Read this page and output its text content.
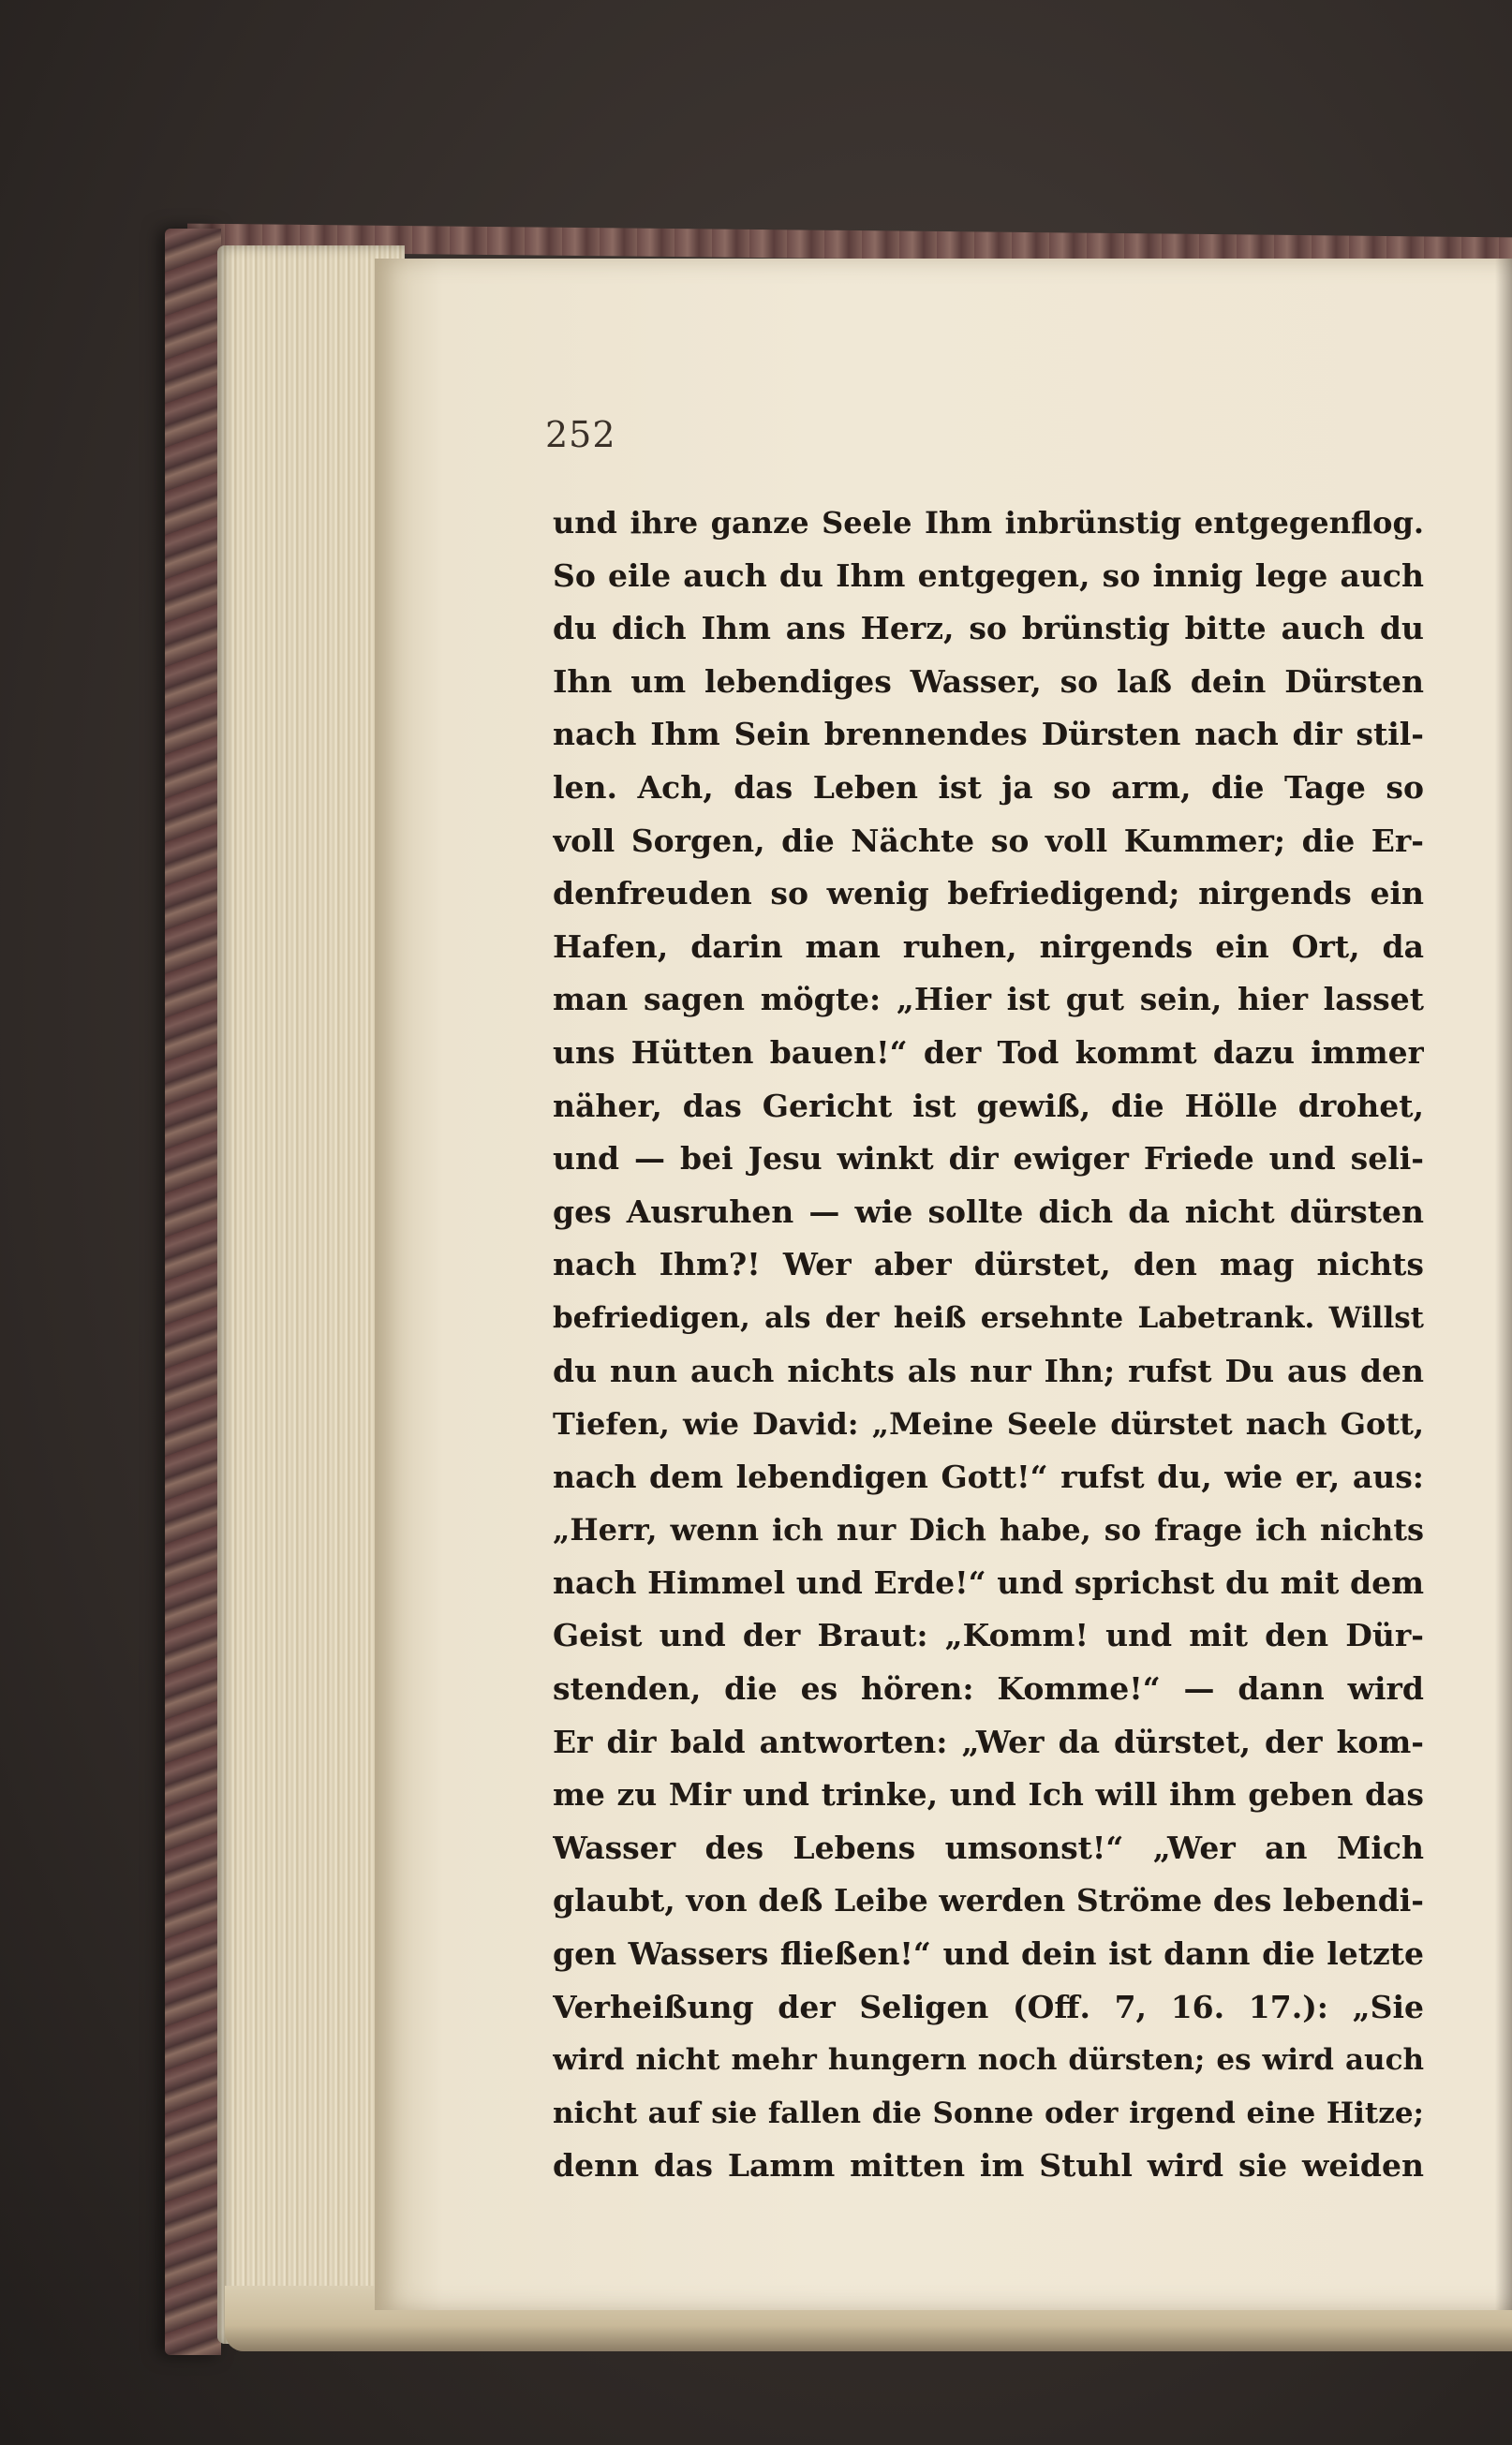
252
und ihre ganze Seele Ihm inbrünstig entgegenflog.
So eile auch du Ihm entgegen, so innig lege auch
du dich Ihm ans Herz, so brünstig bitte auch du
Ihn um lebendiges Wasser, so laß dein Dürsten
nach Ihm Sein brennendes Dürsten nach dir stil-
len. Ach, das Leben ist ja so arm, die Tage so
voll Sorgen, die Nächte so voll Kummer; die Er-
denfreuden so wenig befriedigend; nirgends ein
Hafen, darin man ruhen, nirgends ein Ort, da
man sagen mögte: „Hier ist gut sein, hier lasset
uns Hütten bauen!“ der Tod kommt dazu immer
näher, das Gericht ist gewiß, die Hölle drohet,
und — bei Jesu winkt dir ewiger Friede und seli-
ges Ausruhen — wie sollte dich da nicht dürsten
nach Ihm?! Wer aber dürstet, den mag nichts
befriedigen, als der heiß ersehnte Labetrank. Willst
du nun auch nichts als nur Ihn; rufst Du aus den
Tiefen, wie David: „Meine Seele dürstet nach Gott,
nach dem lebendigen Gott!“ rufst du, wie er, aus:
„Herr, wenn ich nur Dich habe, so frage ich nichts
nach Himmel und Erde!“ und sprichst du mit dem
Geist und der Braut: „Komm! und mit den Dür-
stenden, die es hören: Komme!“ — dann wird
Er dir bald antworten: „Wer da dürstet, der kom-
me zu Mir und trinke, und Ich will ihm geben das
Wasser des Lebens umsonst!“ „Wer an Mich
glaubt, von deß Leibe werden Ströme des lebendi-
gen Wassers fließen!“ und dein ist dann die letzte
Verheißung der Seligen (Off. 7, 16. 17.): „Sie
wird nicht mehr hungern noch dürsten; es wird auch
nicht auf sie fallen die Sonne oder irgend eine Hitze;
denn das Lamm mitten im Stuhl wird sie weiden
